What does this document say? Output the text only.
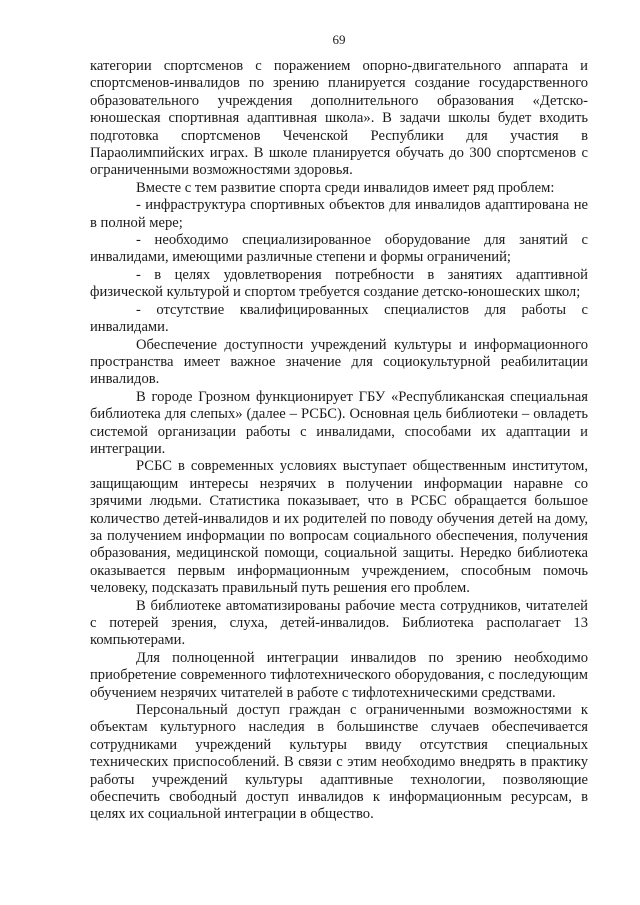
69

категории спортсменов с поражением опорно-двигательного аппарата и спортсменов-инвалидов по зрению планируется создание государственного образовательного учреждения дополнительного образования «Детско-юношеская спортивная адаптивная школа». В задачи школы будет входить подготовка спортсменов Чеченской Республики для участия в Параолимпийских играх. В школе планируется обучать до 300 спортсменов с ограниченными возможностями здоровья.

Вместе с тем развитие спорта среди инвалидов имеет ряд проблем:

- инфраструктура спортивных объектов для инвалидов адаптирована не в полной мере;

- необходимо специализированное оборудование для занятий с инвалидами, имеющими различные степени и формы ограничений;

- в целях удовлетворения потребности в занятиях адаптивной физической культурой и спортом требуется создание детско-юношеских школ;

- отсутствие квалифицированных специалистов для работы с инвалидами.

Обеспечение доступности учреждений культуры и информационного пространства имеет важное значение для социокультурной реабилитации инвалидов.

В городе Грозном функционирует ГБУ «Республиканская специальная библиотека для слепых» (далее – РСБС). Основная цель библиотеки – овладеть системой организации работы с инвалидами, способами их адаптации и интеграции.

РСБС в современных условиях выступает общественным институтом, защищающим интересы незрячих в получении информации наравне со зрячими людьми. Статистика показывает, что в РСБС обращается большое количество детей-инвалидов и их родителей по поводу обучения детей на дому, за получением информации по вопросам социального обеспечения, получения образования, медицинской помощи, социальной защиты. Нередко библиотека оказывается первым информационным учреждением, способным помочь человеку, подсказать правильный путь решения его проблем.

В библиотеке автоматизированы рабочие места сотрудников, читателей с потерей зрения, слуха, детей-инвалидов. Библиотека располагает 13 компьютерами.

Для полноценной интеграции инвалидов по зрению необходимо приобретение современного тифлотехнического оборудования, с последующим обучением незрячих читателей в работе с тифлотехническими средствами.

Персональный доступ граждан с ограниченными возможностями к объектам культурного наследия в большинстве случаев обеспечивается сотрудниками учреждений культуры ввиду отсутствия специальных технических приспособлений. В связи с этим необходимо внедрять в практику работы учреждений культуры адаптивные технологии, позволяющие обеспечить свободный доступ инвалидов к информационным ресурсам, в целях их социальной интеграции в общество.
